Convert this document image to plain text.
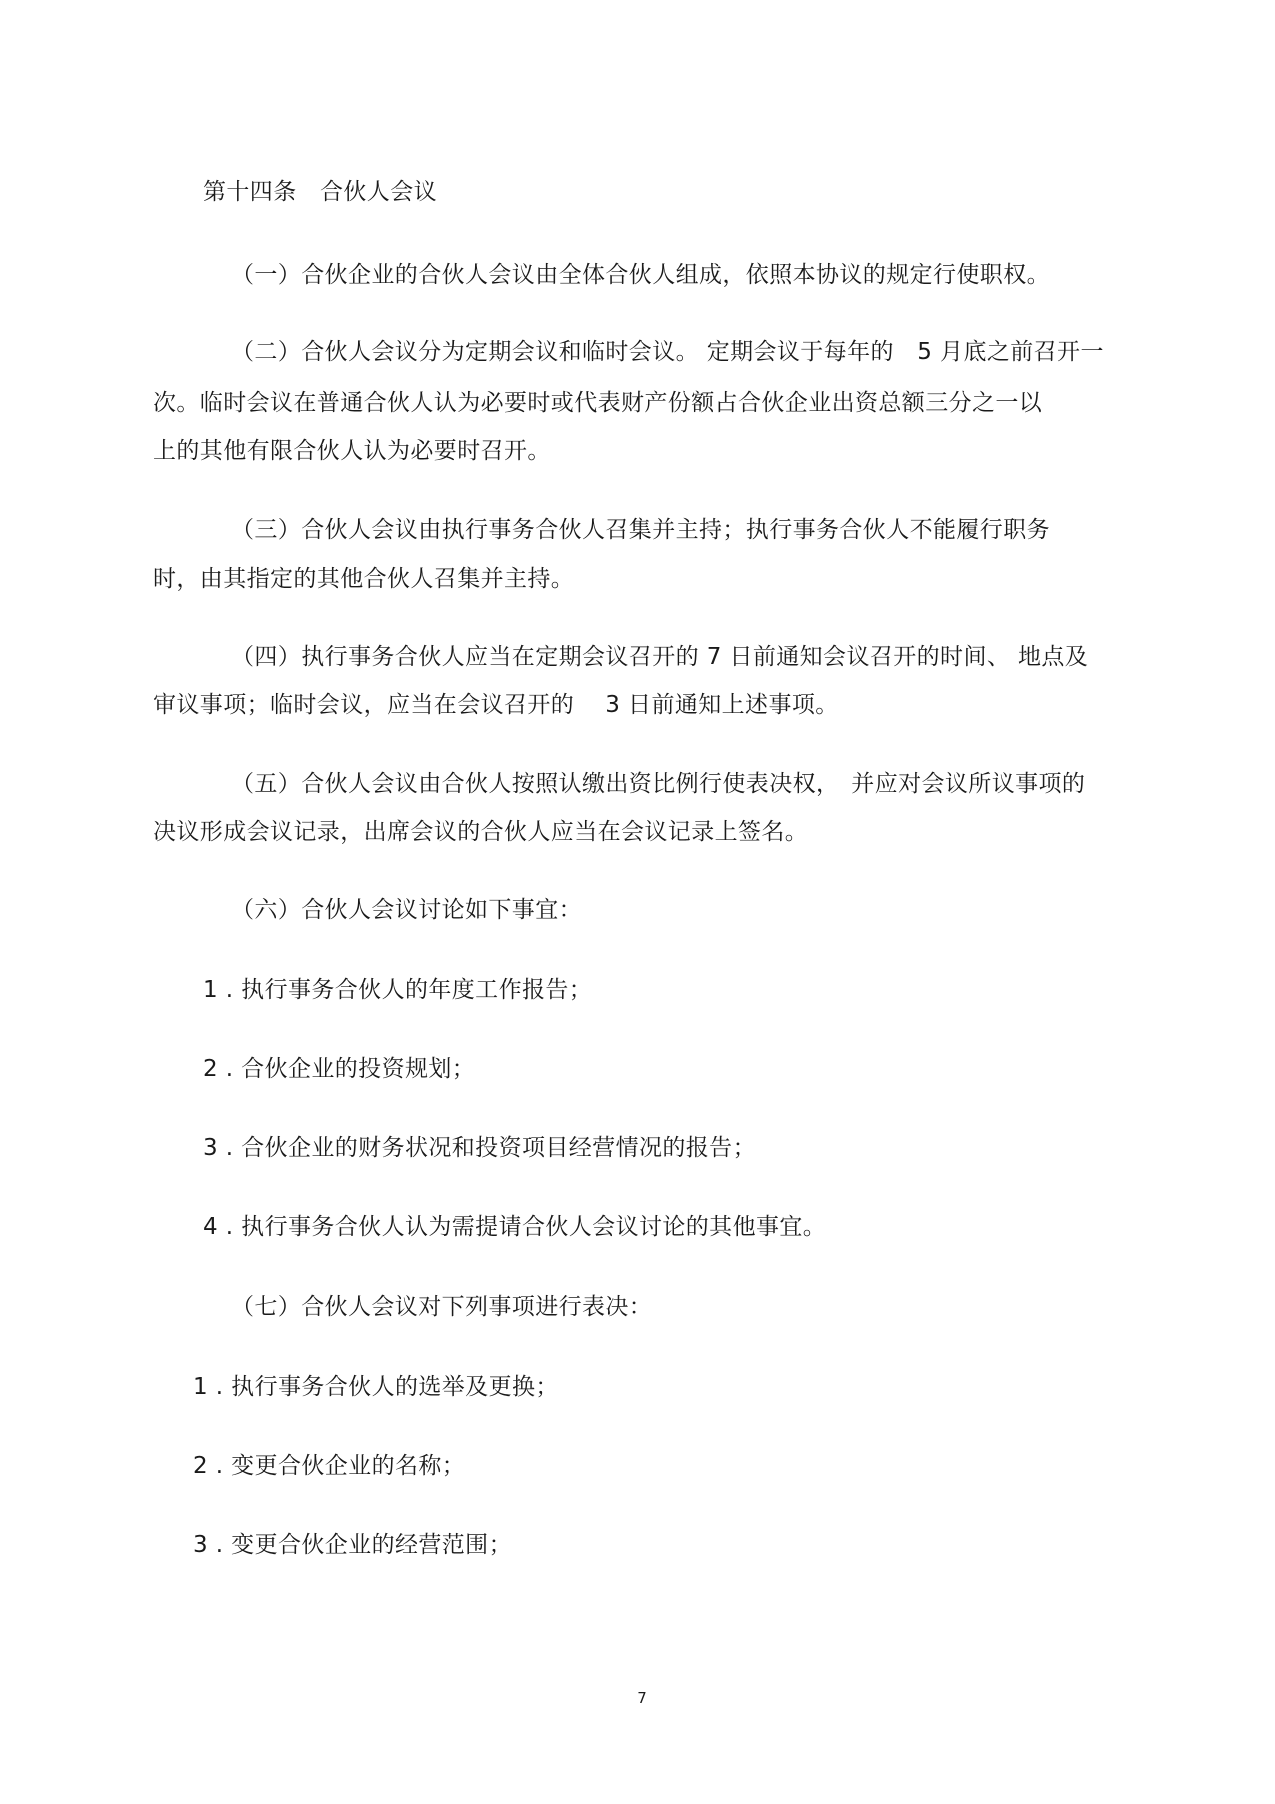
第十四条　合伙人会议

（一）合伙企业的合伙人会议由全体合伙人组成，依照本协议的规定行使职权。

（二）合伙人会议分为定期会议和临时会议。 定期会议于每年的　5 月底之前召开一

次。临时会议在普通合伙人认为必要时或代表财产份额占合伙企业出资总额三分之一以

上的其他有限合伙人认为必要时召开。

（三）合伙人会议由执行事务合伙人召集并主持；执行事务合伙人不能履行职务

时，由其指定的其他合伙人召集并主持。

（四）执行事务合伙人应当在定期会议召开的 7 日前通知会议召开的时间、 地点及

审议事项；临时会议，应当在会议召开的　 3 日前通知上述事项。

（五）合伙人会议由合伙人按照认缴出资比例行使表决权，　并应对会议所议事项的

决议形成会议记录，出席会议的合伙人应当在会议记录上签名。

（六）合伙人会议讨论如下事宜：

1 . 执行事务合伙人的年度工作报告；

2 . 合伙企业的投资规划；

3 . 合伙企业的财务状况和投资项目经营情况的报告；

4 . 执行事务合伙人认为需提请合伙人会议讨论的其他事宜。

（七）合伙人会议对下列事项进行表决：

1 . 执行事务合伙人的选举及更换；

2 . 变更合伙企业的名称；

3 . 变更合伙企业的经营范围；

7
